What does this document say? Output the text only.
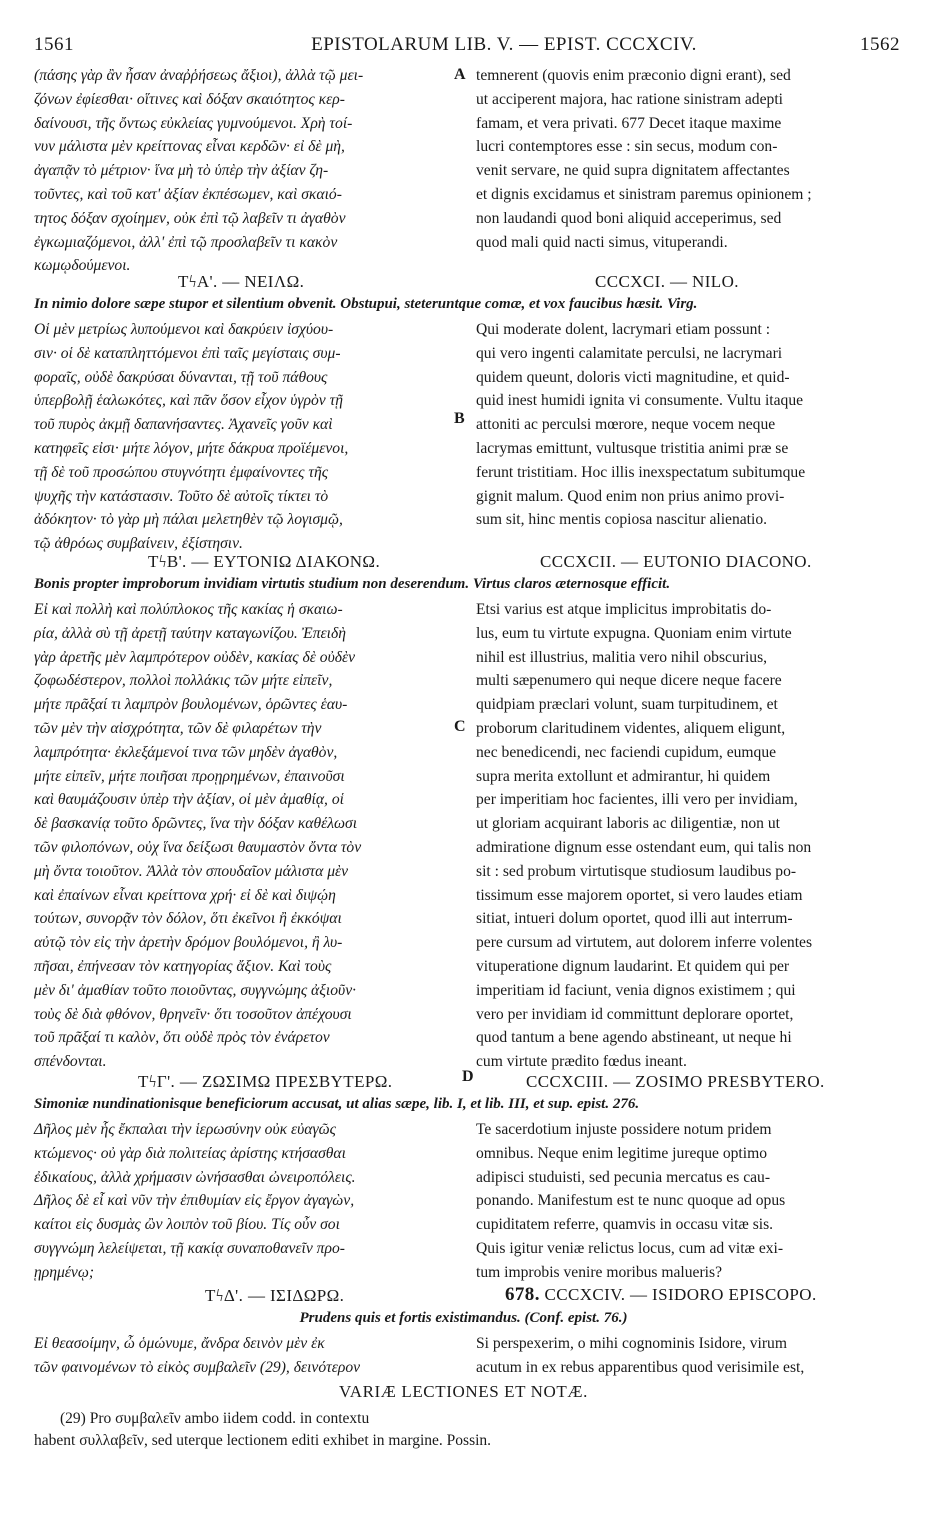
1561	EPISTOLARUM LIB. V. — EPIST. CCCXCIV.	1562

(πάσης γὰρ ἂν ἦσαν ἀναῤῥήσεως ἄξιοι), ἀλλὰ τῷ μει-

ζόνων ἐφίεσθαι· οἵτινες καὶ δόξαν σκαιότητος κερ-

δαίνουσι, τῆς ὄντως εὐκλείας γυμνούμενοι. Χρὴ τοί-

νυν μάλιστα μὲν κρείττονας εἶναι κερδῶν· εἰ δὲ μὴ,

ἀγαπᾷν τὸ μέτριον· ἵνα μὴ τὸ ὑπὲρ τὴν ἀξίαν ζη-

τοῦντες, καὶ τοῦ κατ' ἀξίαν ἐκπέσωμεν, καὶ σκαιό-

τητος δόξαν σχοίημεν, οὐκ ἐπὶ τῷ λαβεῖν τι ἀγαθὸν

ἐγκωμιαζόμενοι, ἀλλ' ἐπὶ τῷ προσλαβεῖν τι κακὸν

κωμῳδούμενοι.

temnerent (quovis enim præconio digni erant), sed

ut acciperent majora, hac ratione sinistram adepti

famam, et vera privati. 677 Decet itaque maxime

lucri contemptores esse : sin secus, modum con-

venit servare, ne quid supra dignitatem affectantes

et dignis excidamus et sinistram paremus opinionem ;

non laudandi quod boni aliquid acceperimus, sed

quod mali quid nacti simus, vituperandi.

A
ΤϟΑ'. — ΝΕΙΛΩ.	CCCXCI. — NILO.
In nimio dolore sæpe stupor et silentium obvenit. Obstupui, steteruntque comæ, et vox faucibus hæsit. Virg.

Οἱ μὲν μετρίως λυπούμενοι καὶ δακρύειν ἰσχύου-

σιν· οἱ δὲ καταπληττόμενοι ἐπὶ ταῖς μεγίσταις συμ-

φοραῖς, οὐδὲ δακρύσαι δύνανται, τῇ τοῦ πάθους

ὑπερβολῇ ἑαλωκότες, καὶ πᾶν ὅσον εἶχον ὑγρὸν τῇ

τοῦ πυρὸς ἀκμῇ δαπανήσαντες. Ἀχανεῖς γοῦν καὶ

κατηφεῖς εἰσι· μήτε λόγον, μήτε δάκρυα προϊέμενοι,

τῇ δὲ τοῦ προσώπου στυγνότητι ἐμφαίνοντες τῆς

ψυχῆς τὴν κατάστασιν. Τοῦτο δὲ αὐτοῖς τίκτει τὸ

ἀδόκητον· τὸ γὰρ μὴ πάλαι μελετηθὲν τῷ λογισμῷ,

τῷ ἀθρόως συμβαίνειν, ἐξίστησιν.

Qui moderate dolent, lacrymari etiam possunt :

qui vero ingenti calamitate perculsi, ne lacrymari

quidem queunt, doloris victi magnitudine, et quid-

quid inest humidi ignita vi consumente. Vultu itaque

attoniti ac perculsi mœrore, neque vocem neque

lacrymas emittunt, vultusque tristitia animi præ se

ferunt tristitiam. Hoc illis inexspectatum subitumque

gignit malum. Quod enim non prius animo provi-

sum sit, hinc mentis copiosa nascitur alienatio.

B
ΤϟΒ'. — ΕΥΤΟΝΙΩ ΔΙΑΚΟΝΩ.	CCCXCII. — EUTONIO DIACONO.
Bonis propter improborum invidiam virtutis studium non deserendum. Virtus claros æternosque efficit.

Εἰ καὶ πολλὴ καὶ πολύπλοκος τῆς κακίας ἡ σκαιω-

ρία, ἀλλὰ σὺ τῇ ἀρετῇ ταύτην καταγωνίζου. Ἐπειδὴ

γὰρ ἀρετῆς μὲν λαμπρότερον οὐδὲν, κακίας δὲ οὐδὲν

ζοφωδέστερον, πολλοὶ πολλάκις τῶν μήτε εἰπεῖν,

μήτε πρᾶξαί τι λαμπρὸν βουλομένων, ὁρῶντες ἑαυ-

τῶν μὲν τὴν αἰσχρότητα, τῶν δὲ φιλαρέτων τὴν

λαμπρότητα· ἐκλεξάμενοί τινα τῶν μηδὲν ἀγαθὸν,

μήτε εἰπεῖν, μήτε ποιῆσαι προῃρημένων, ἐπαινοῦσι

καὶ θαυμάζουσιν ὑπὲρ τὴν ἀξίαν, οἱ μὲν ἀμαθίᾳ, οἱ

δὲ βασκανίᾳ τοῦτο δρῶντες, ἵνα τὴν δόξαν καθέλωσι

τῶν φιλοπόνων, οὐχ ἵνα δείξωσι θαυμαστὸν ὄντα τὸν

μὴ ὄντα τοιοῦτον. Ἀλλὰ τὸν σπουδαῖον μάλιστα μὲν

καὶ ἐπαίνων εἶναι κρείττονα χρή· εἰ δὲ καὶ διψῴη

τούτων, συνορᾷν τὸν δόλον, ὅτι ἐκεῖνοι ἢ ἐκκόψαι

αὐτῷ τὸν εἰς τὴν ἀρετὴν δρόμον βουλόμενοι, ἢ λυ-

πῆσαι, ἐπήνεσαν τὸν κατηγορίας ἄξιον. Καὶ τοὺς

μὲν δι' ἀμαθίαν τοῦτο ποιοῦντας, συγγνώμης ἀξιοῦν·

τοὺς δὲ διὰ φθόνον, θρηνεῖν· ὅτι τοσοῦτον ἀπέχουσι

τοῦ πρᾶξαί τι καλὸν, ὅτι οὐδὲ πρὸς τὸν ἐνάρετον

σπένδονται.

Etsi varius est atque implicitus improbitatis do-

lus, eum tu virtute expugna. Quoniam enim virtute

nihil est illustrius, malitia vero nihil obscurius,

multi sæpenumero qui neque dicere neque facere

quidpiam præclari volunt, suam turpitudinem, et

proborum claritudinem videntes, aliquem eligunt,

nec benedicendi, nec faciendi cupidum, eumque

supra merita extollunt et admirantur, hi quidem

per imperitiam hoc facientes, illi vero per invidiam,

ut gloriam acquirant laboris ac diligentiæ, non ut

admiratione dignum esse ostendant eum, qui talis non

sit : sed probum virtutisque studiosum laudibus po-

tissimum esse majorem oportet, si vero laudes etiam

sitiat, intueri dolum oportet, quod illi aut interrum-

pere cursum ad virtutem, aut dolorem inferre volentes

vituperatione dignum laudarint. Et quidem qui per

imperitiam id faciunt, venia dignos existimem ; qui

vero per invidiam id committunt deplorare oportet,

quod tantum a bene agendo abstineant, ut neque hi

cum virtute prædito fœdus ineant.

C
ΤϟΓ'. — ΖΩΣΙΜΩ ΠΡΕΣΒΥΤΕΡΩ.	D	CCCXCIII. — ZOSIMO PRESBYTERO.
Simoniæ nundinationisque beneficiorum accusat, ut alias sæpe, lib. I, et lib. III, et sup. epist. 276.

Δῆλος μὲν ἧς ἔκπαλαι τὴν ἱερωσύνην οὐκ εὐαγῶς

κτώμενος· οὐ γὰρ διὰ πολιτείας ἀρίστης κτήσασθαι

ἐδικαίους, ἀλλὰ χρήμασιν ὠνήσασθαι ὠνειροπόλεις.

Δῆλος δὲ εἶ καὶ νῦν τὴν ἐπιθυμίαν εἰς ἔργον ἀγαγὼν,

καίτοι εἰς δυσμὰς ὢν λοιπὸν τοῦ βίου. Τίς οὖν σοι

συγγνώμη λελείψεται, τῇ κακίᾳ συναποθανεῖν προ-

ῃρημένῳ;

Te sacerdotium injuste possidere notum pridem

omnibus. Neque enim legitime jureque optimo

adipisci studuisti, sed pecunia mercatus es cau-

ponando. Manifestum est te nunc quoque ad opus

cupiditatem referre, quamvis in occasu vitæ sis.

Quis igitur veniæ relictus locus, cum ad vitæ exi-

tum improbis venire moribus malueris?

ΤϟΔ'. — ΙΣΙΔΩΡΩ.	678. CCCXCIV. — ISIDORO EPISCOPO.
Prudens quis et fortis existimandus. (Conf. epist. 76.)

Εἰ θεασοίμην, ὦ ὁμώνυμε, ἄνδρα δεινὸν μὲν ἐκ

τῶν φαινομένων τὸ εἰκὸς συμβαλεῖν (29), δεινότερον

Si perspexerim, o mihi cognominis Isidore, virum

acutum in ex rebus apparentibus quod verisimile est,

VARIÆ LECTIONES ET NOTÆ.
(29) Pro συμβαλεῖν ambo iidem codd. in contextu
habent συλλαβεῖν, sed uterque lectionem editi exhibet in margine. Possin.
